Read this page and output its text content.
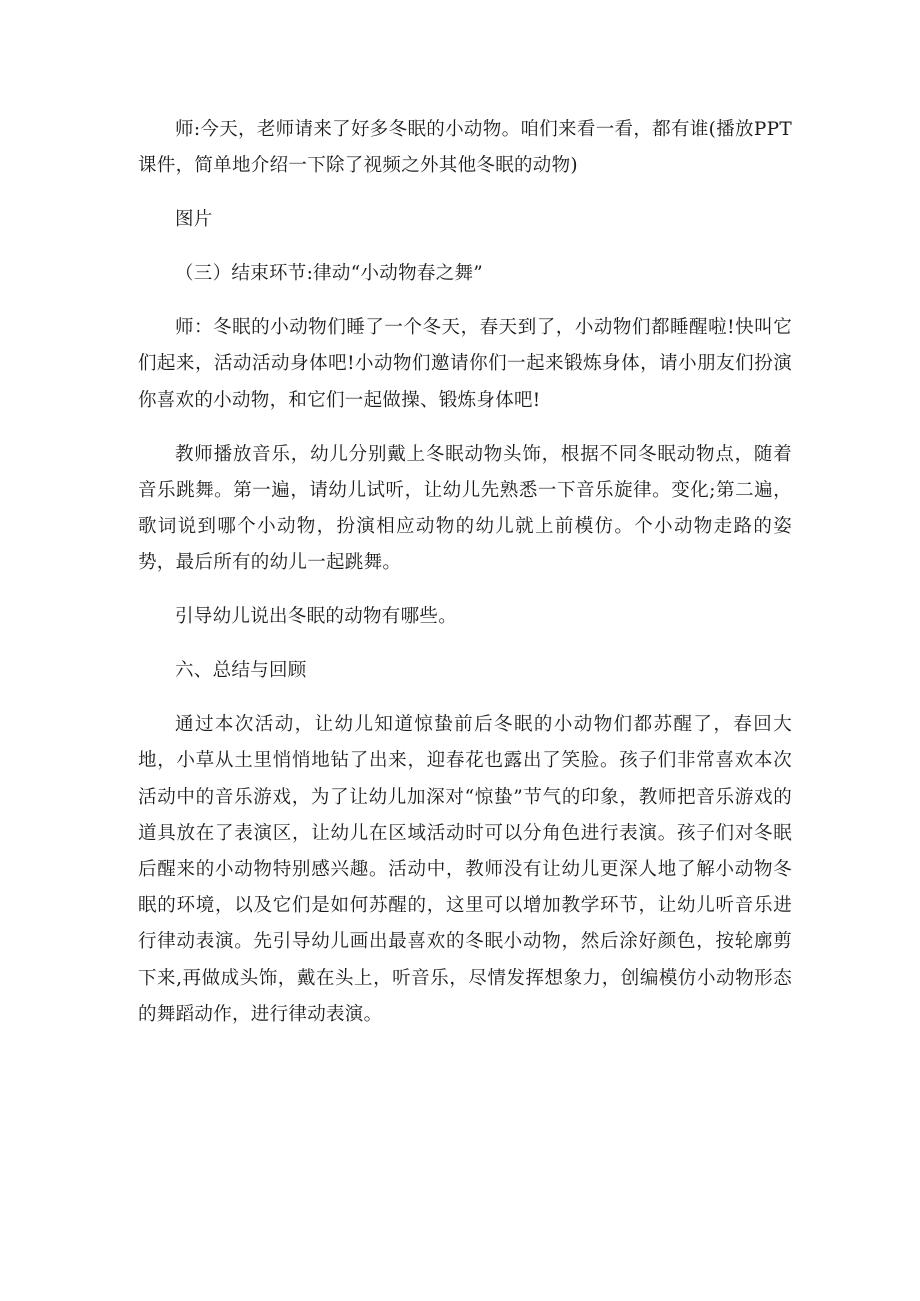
师:今天，老师请来了好多冬眠的小动物。咱们来看一看，都有谁(播放PPT课件，简单地介绍一下除了视频之外其他冬眠的动物)

图片

（三）结束环节:律动“小动物春之舞”

师：冬眠的小动物们睡了一个冬天，春天到了，小动物们都睡醒啦!快叫它们起来，活动活动身体吧!小动物们邀请你们一起来锻炼身体，请小朋友们扮演你喜欢的小动物，和它们一起做操、锻炼身体吧!

教师播放音乐，幼儿分别戴上冬眠动物头饰，根据不同冬眠动物点，随着音乐跳舞。第一遍，请幼儿试听，让幼儿先熟悉一下音乐旋律。变化;第二遍，歌词说到哪个小动物，扮演相应动物的幼儿就上前模仿。个小动物走路的姿势，最后所有的幼儿一起跳舞。

引导幼儿说出冬眠的动物有哪些。

六、总结与回顾

通过本次活动，让幼儿知道惊蛰前后冬眠的小动物们都苏醒了，春回大地，小草从土里悄悄地钻了出来，迎春花也露出了笑脸。孩子们非常喜欢本次活动中的音乐游戏，为了让幼儿加深对“惊蛰”节气的印象，教师把音乐游戏的道具放在了表演区，让幼儿在区域活动时可以分角色进行表演。孩子们对冬眠后醒来的小动物特别感兴趣。活动中，教师没有让幼儿更深人地了解小动物冬眠的环境，以及它们是如何苏醒的，这里可以增加教学环节，让幼儿听音乐进行律动表演。先引导幼儿画出最喜欢的冬眠小动物，然后涂好颜色，按轮廓剪下来,再做成头饰，戴在头上，听音乐，尽情发挥想象力，创编模仿小动物形态的舞蹈动作，进行律动表演。
